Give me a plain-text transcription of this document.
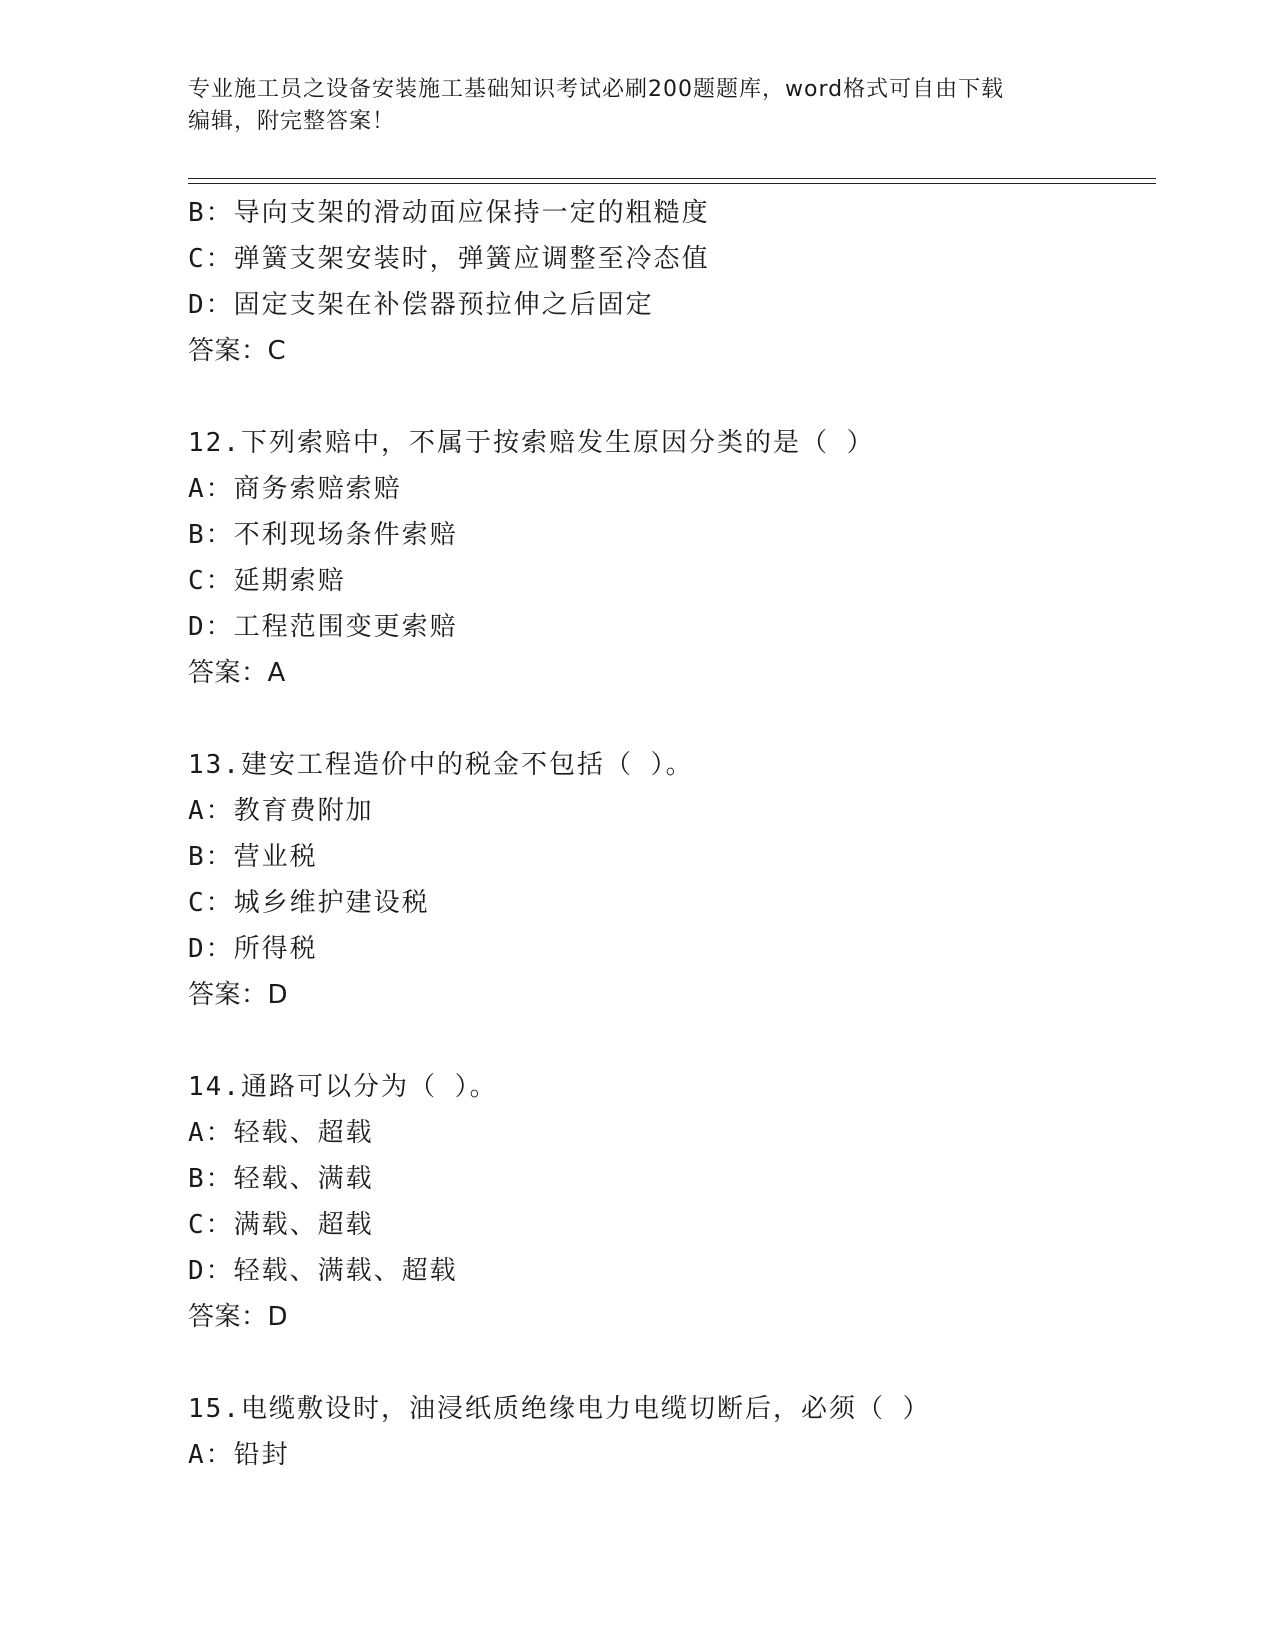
专业施工员之设备安装施工基础知识考试必刷200题题库，word格式可自由下载
编辑，附完整答案！
B：导向支架的滑动面应保持一定的粗糙度
C：弹簧支架安装时，弹簧应调整至冷态值
D：固定支架在补偿器预拉伸之后固定
答案：C
12.下列索赔中，不属于按索赔发生原因分类的是（ ）
A：商务索赔索赔
B：不利现场条件索赔
C：延期索赔
D：工程范围变更索赔
答案：A
13.建安工程造价中的税金不包括（ ）。
A：教育费附加
B：营业税
C：城乡维护建设税
D：所得税
答案：D
14.通路可以分为（ ）。
A：轻载、超载
B：轻载、满载
C：满载、超载
D：轻载、满载、超载
答案：D
15.电缆敷设时，油浸纸质绝缘电力电缆切断后，必须（ ）
A：铅封
